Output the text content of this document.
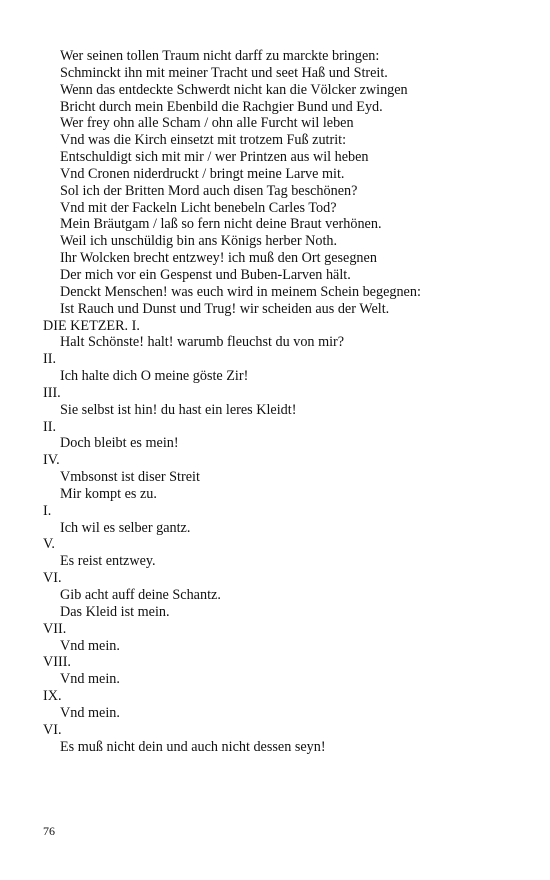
Wer seinen tollen Traum nicht darff zu marckte bringen:
Schminckt ihn mit meiner Tracht und seet Haß und Streit.
Wenn das entdeckte Schwerdt nicht kan die Völcker zwingen
Bricht durch mein Ebenbild die Rachgier Bund und Eyd.
Wer frey ohn alle Scham / ohn alle Furcht wil leben
Vnd was die Kirch einsetzt mit trotzem Fuß zutrit:
Entschuldigt sich mit mir / wer Printzen aus wil heben
Vnd Cronen niderdruckt / bringt meine Larve mit.
Sol ich der Britten Mord auch disen Tag beschönen?
Vnd mit der Fackeln Licht benebeln Carles Tod?
Mein Bräutgam / laß so fern nicht deine Braut verhönen.
Weil ich unschüldig bin ans Königs herber Noth.
Ihr Wolcken brecht entzwey! ich muß den Ort gesegnen
Der mich vor ein Gespenst und Buben-Larven hält.
Denckt Menschen! was euch wird in meinem Schein begegnen:
Ist Rauch und Dunst und Trug! wir scheiden aus der Welt.
DIE KETZER. I.
Halt Schönste! halt! warumb fleuchst du von mir?
II.
Ich halte dich O meine göste Zir!
III.
Sie selbst ist hin! du hast ein leres Kleidt!
II.
Doch bleibt es mein!
IV.
Vmbsonst ist diser Streit
Mir kompt es zu.
I.
Ich wil es selber gantz.
V.
Es reist entzwey.
VI.
Gib acht auff deine Schantz.
Das Kleid ist mein.
VII.
Vnd mein.
VIII.
Vnd mein.
IX.
Vnd mein.
VI.
Es muß nicht dein und auch nicht dessen seyn!
76
